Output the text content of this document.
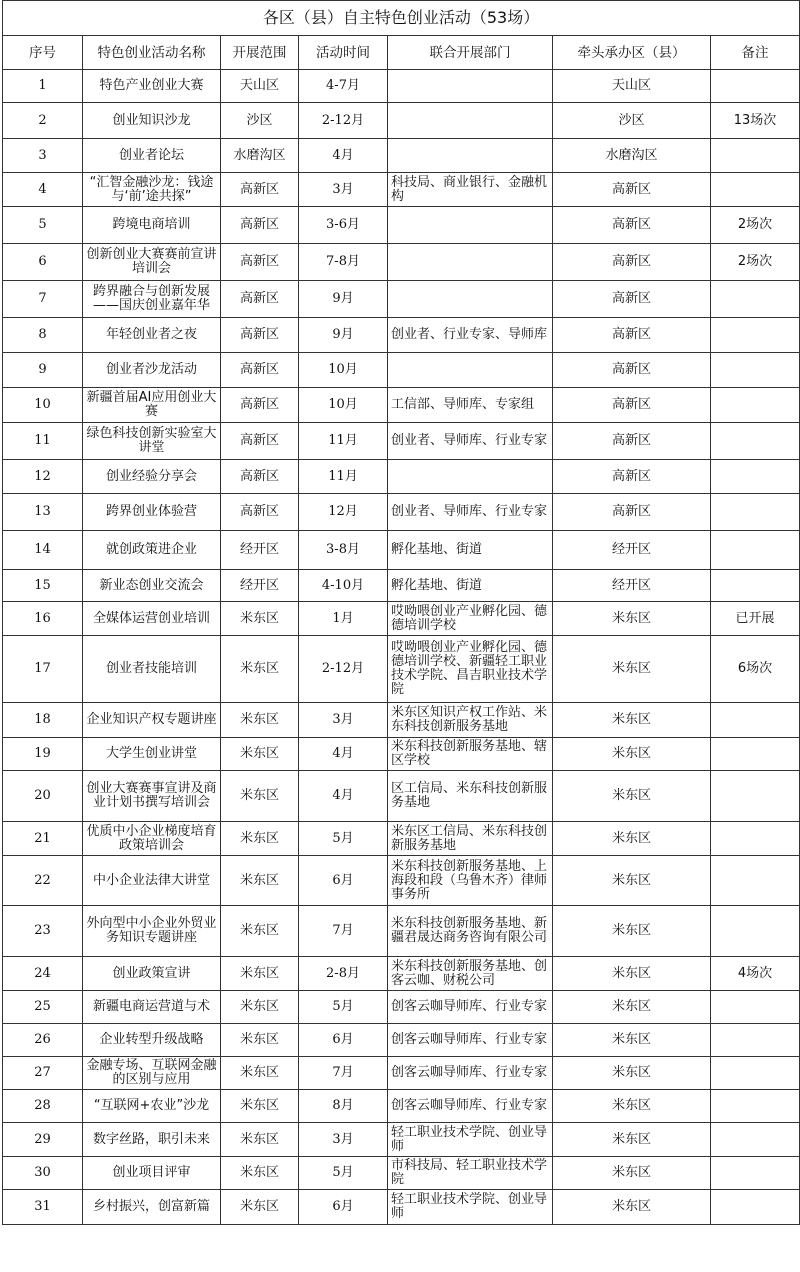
各区（县）自主特色创业活动（53场）						
序号	特色创业活动名称	开展范围	活动时间	联合开展部门	牵头承办区（县）	备注
1	特色产业创业大赛	天山区	4-7月		天山区	
2	创业知识沙龙	沙区	2-12月		沙区	13场次
3	创业者论坛	水磨沟区	4月		水磨沟区	
4	“汇智金融沙龙：钱途与‘前’途共探”	高新区	3月	科技局、商业银行、金融机构	高新区	
5	跨境电商培训	高新区	3-6月		高新区	2场次
6	创新创业大赛赛前宣讲培训会	高新区	7-8月		高新区	2场次
7	跨界融合与创新发展——国庆创业嘉年华	高新区	9月		高新区	
8	年轻创业者之夜	高新区	9月	创业者、行业专家、导师库	高新区	
9	创业者沙龙活动	高新区	10月		高新区	
10	新疆首届AI应用创业大赛	高新区	10月	工信部、导师库、专家组	高新区	
11	绿色科技创新实验室大讲堂	高新区	11月	创业者、导师库、行业专家	高新区	
12	创业经验分享会	高新区	11月		高新区	
13	跨界创业体验营	高新区	12月	创业者、导师库、行业专家	高新区	
14	就创政策进企业	经开区	3-8月	孵化基地、街道	经开区	
15	新业态创业交流会	经开区	4-10月	孵化基地、街道	经开区	
16	全媒体运营创业培训	米东区	1月	哎呦喂创业产业孵化园、德德培训学校	米东区	已开展
17	创业者技能培训	米东区	2-12月	哎呦喂创业产业孵化园、德德培训学校、新疆轻工职业技术学院、昌吉职业技术学院	米东区	6场次
18	企业知识产权专题讲座	米东区	3月	米东区知识产权工作站、米东科技创新服务基地	米东区	
19	大学生创业讲堂	米东区	4月	米东科技创新服务基地、辖区学校	米东区	
20	创业大赛赛事宣讲及商业计划书撰写培训会	米东区	4月	区工信局、米东科技创新服务基地	米东区	
21	优质中小企业梯度培育政策培训会	米东区	5月	米东区工信局、米东科技创新服务基地	米东区	
22	中小企业法律大讲堂	米东区	6月	米东科技创新服务基地、上海段和段（乌鲁木齐）律师事务所	米东区	
23	外向型中小企业外贸业务知识专题讲座	米东区	7月	米东科技创新服务基地、新疆君晟达商务咨询有限公司	米东区	
24	创业政策宣讲	米东区	2-8月	米东科技创新服务基地、创客云咖、财税公司	米东区	4场次
25	新疆电商运营道与术	米东区	5月	创客云咖导师库、行业专家	米东区	
26	企业转型升级战略	米东区	6月	创客云咖导师库、行业专家	米东区	
27	金融专场、互联网金融的区别与应用	米东区	7月	创客云咖导师库、行业专家	米东区	
28	“互联网+农业”沙龙	米东区	8月	创客云咖导师库、行业专家	米东区	
29	数字丝路，职引未来	米东区	3月	轻工职业技术学院、创业导师	米东区	
30	创业项目评审	米东区	5月	市科技局、轻工职业技术学院	米东区	
31	乡村振兴，创富新篇	米东区	6月	轻工职业技术学院、创业导师	米东区	
